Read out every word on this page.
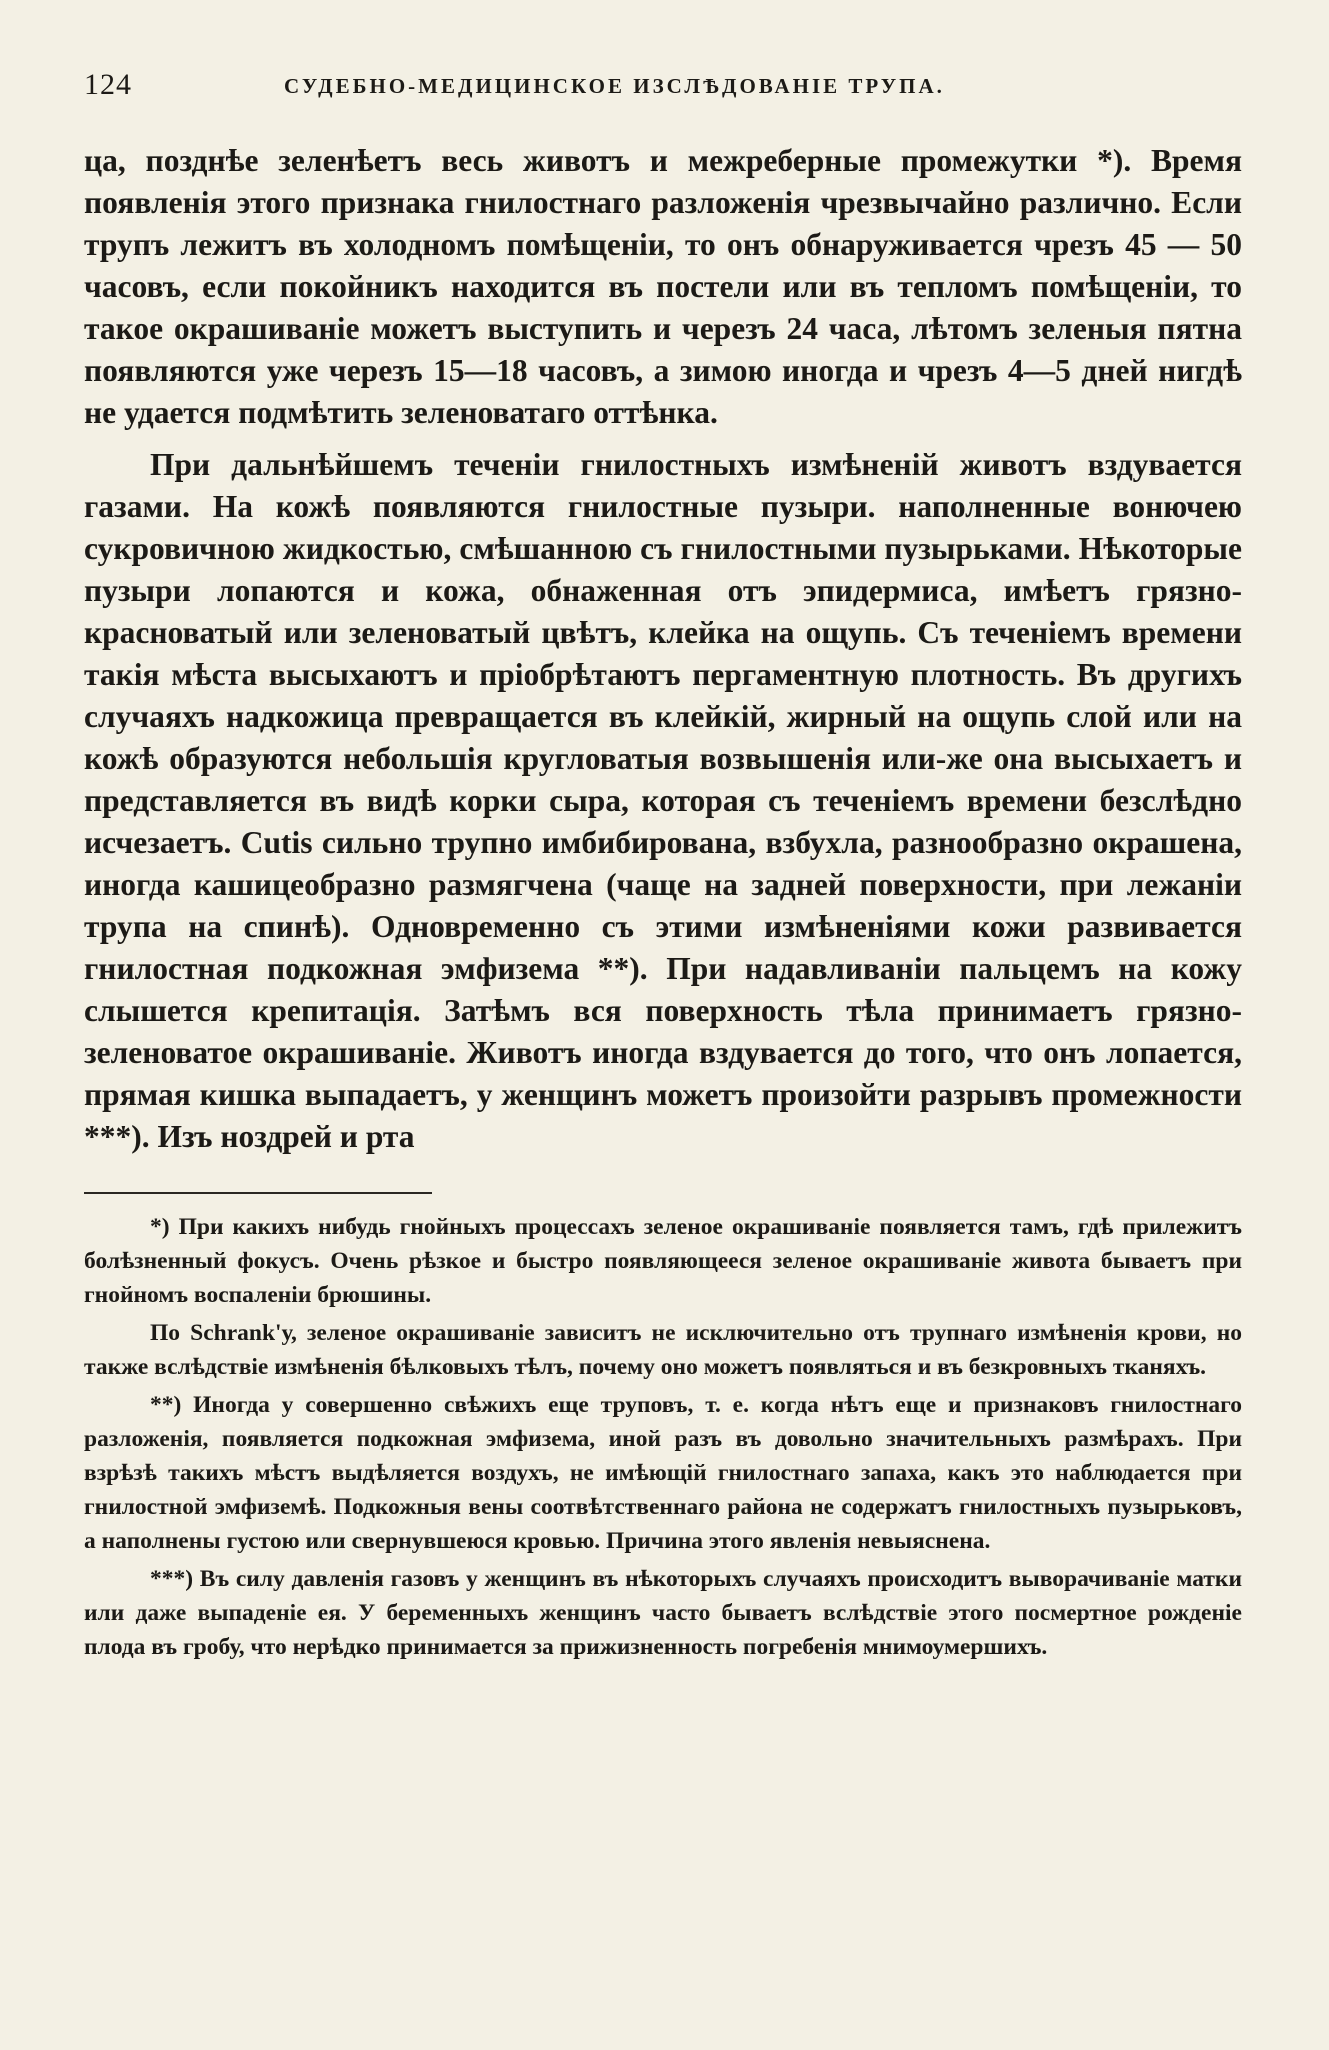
124	СУДЕБНО-МЕДИЦИНСКОЕ ИЗСЛѢДОВАНІЕ ТРУПА.

ца, позднѣе зеленѣетъ весь животъ и межреберные промежутки *). Время появленія этого признака гнилостнаго разложенія чрезвычайно различно. Если трупъ лежитъ въ холодномъ помѣщеніи, то онъ обнаруживается чрезъ 45 — 50 часовъ, если покойникъ находится въ постели или въ тепломъ помѣщеніи, то такое окрашиваніе можетъ выступить и черезъ 24 часа, лѣтомъ зеленыя пятна появляются уже черезъ 15—18 часовъ, а зимою иногда и чрезъ 4—5 дней нигдѣ не удается подмѣтить зеленоватаго оттѣнка.

При дальнѣйшемъ теченіи гнилостныхъ измѣненій животъ вздувается газами. На кожѣ появляются гнилостные пузыри. наполненные вонючею сукровичною жидкостью, смѣшанною съ гнилостными пузырьками. Нѣкоторые пузыри лопаются и кожа, обнаженная отъ эпидермиса, имѣетъ грязно-красноватый или зеленоватый цвѣтъ, клейка на ощупь. Съ теченіемъ времени такія мѣста высыхаютъ и пріобрѣтаютъ пергаментную плотность. Въ другихъ случаяхъ надкожица превращается въ клейкій, жирный на ощупь слой или на кожѣ образуются небольшія кругловатыя возвышенія или-же она высыхаетъ и представляется въ видѣ корки сыра, которая съ теченіемъ времени безслѣдно исчезаетъ. Cutis сильно трупно имбибирована, взбухла, разнообразно окрашена, иногда кашицеобразно размягчена (чаще на задней поверхности, при лежаніи трупа на спинѣ). Одновременно съ этими измѣненіями кожи развивается гнилостная подкожная эмфизема **). При надавливаніи пальцемъ на кожу слышется крепитація. Затѣмъ вся поверхность тѣла принимаетъ грязно-зеленоватое окрашиваніе. Животъ иногда вздувается до того, что онъ лопается, прямая кишка выпадаетъ, у женщинъ можетъ произойти разрывъ промежности ***). Изъ ноздрей и рта

*) При какихъ нибудь гнойныхъ процессахъ зеленое окрашиваніе появляется тамъ, гдѣ прилежитъ болѣзненный фокусъ. Очень рѣзкое и быстро появляющееся зеленое окрашиваніе живота бываетъ при гнойномъ воспаленіи брюшины.

По Schrank'у, зеленое окрашиваніе зависитъ не исключительно отъ трупнаго измѣненія крови, но также вслѣдствіе измѣненія бѣлковыхъ тѣлъ, почему оно можетъ появляться и въ безкровныхъ тканяхъ.

**) Иногда у совершенно свѣжихъ еще труповъ, т. е. когда нѣтъ еще и признаковъ гнилостнаго разложенія, появляется подкожная эмфизема, иной разъ въ довольно значительныхъ размѣрахъ. При взрѣзѣ такихъ мѣстъ выдѣляется воздухъ, не имѣющій гнилостнаго запаха, какъ это наблюдается при гнилостной эмфиземѣ. Подкожныя вены соотвѣтственнаго района не содержатъ гнилостныхъ пузырьковъ, а наполнены густою или свернувшеюся кровью. Причина этого явленія невыяснена.

***) Въ силу давленія газовъ у женщинъ въ нѣкоторыхъ случаяхъ происходитъ выворачиваніе матки или даже выпаденіе ея. У беременныхъ женщинъ часто бываетъ вслѣдствіе этого посмертное рожденіе плода въ гробу, что нерѣдко принимается за прижизненность погребенія мнимоумершихъ.
